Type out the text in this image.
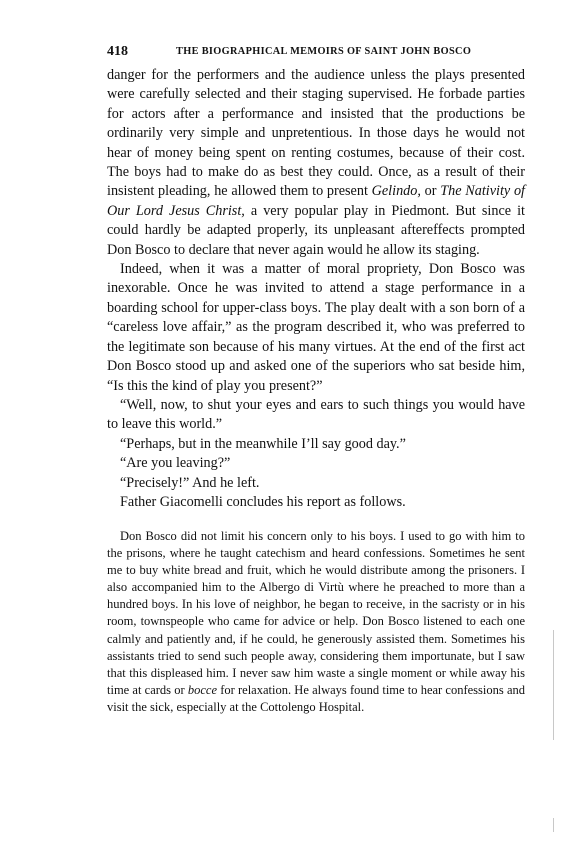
418	THE BIOGRAPHICAL MEMOIRS OF SAINT JOHN BOSCO

danger for the performers and the audience unless the plays presented were carefully selected and their staging supervised. He forbade parties for actors after a performance and insisted that the productions be ordinarily very simple and unpretentious. In those days he would not hear of money being spent on renting costumes, because of their cost. The boys had to make do as best they could. Once, as a result of their insistent pleading, he allowed them to present Gelindo, or The Nativity of Our Lord Jesus Christ, a very popular play in Piedmont. But since it could hardly be adapted properly, its unpleasant aftereffects prompted Don Bosco to declare that never again would he allow its staging.

Indeed, when it was a matter of moral propriety, Don Bosco was inexorable. Once he was invited to attend a stage performance in a boarding school for upper-class boys. The play dealt with a son born of a “careless love affair,” as the program described it, who was preferred to the legitimate son because of his many virtues. At the end of the first act Don Bosco stood up and asked one of the superiors who sat beside him, “Is this the kind of play you present?”

“Well, now, to shut your eyes and ears to such things you would have to leave this world.”

“Perhaps, but in the meanwhile I’ll say good day.”

“Are you leaving?”

“Precisely!” And he left.

Father Giacomelli concludes his report as follows.

Don Bosco did not limit his concern only to his boys. I used to go with him to the prisons, where he taught catechism and heard confessions. Sometimes he sent me to buy white bread and fruit, which he would distribute among the prisoners. I also accompanied him to the Albergo di Virtù where he preached to more than a hundred boys. In his love of neighbor, he began to receive, in the sacristy or in his room, townspeople who came for advice or help. Don Bosco listened to each one calmly and patiently and, if he could, he generously assisted them. Sometimes his assistants tried to send such people away, considering them importunate, but I saw that this displeased him. I never saw him waste a single moment or while away his time at cards or bocce for relaxation. He always found time to hear confessions and visit the sick, especially at the Cottolengo Hospital.
